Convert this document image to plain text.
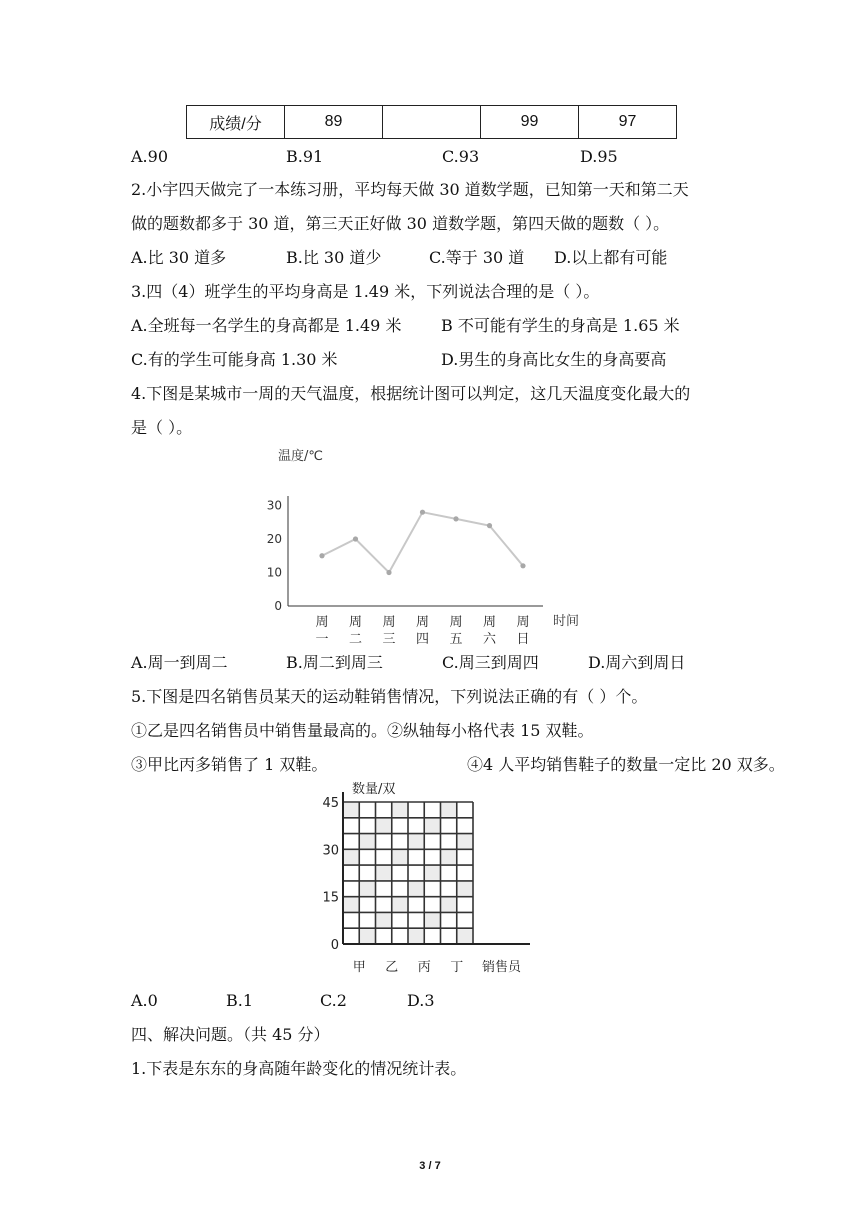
成绩/分	89		99	97
A.90	B.91	C.93	D.95
2.小宇四天做完了一本练习册，平均每天做 30 道数学题，已知第一天和第二天
做的题数都多于 30 道，第三天正好做 30 道数学题，第四天做的题数（ ）。
A.比 30 道多	B.比 30 道少	C.等于 30 道 D.以上都有可能
3.四（4）班学生的平均身高是 1.49 米，下列说法合理的是（ ）。
A.全班每一名学生的身高都是 1.49 米 B 不可能有学生的身高是 1.65 米
C.有的学生可能身高 1.30 米	D.男生的身高比女生的身高要高
4.下图是某城市一周的天气温度，根据统计图可以判定，这几天温度变化最大的
是（ ）。
温度/℃
0
10
20
30
周
一
周
二
周
三
周
四
周
五
周
六
周
日
时间
A.周一到周二	B.周二到周三	C.周三到周四	D.周六到周日
5.下图是四名销售员某天的运动鞋销售情况，下列说法正确的有（ ）个。
①乙是四名销售员中销售量最高的。②纵轴每小格代表 15 双鞋。
③甲比丙多销售了 1 双鞋。	④4 人平均销售鞋子的数量一定比 20 双多。
数量/双
0
15
30
45
甲 乙 丙 丁 销售员
A.0	B.1	C.2	D.3
四、解决问题。（共 45 分）
1.下表是东东的身高随年龄变化的情况统计表。
3 / 7
